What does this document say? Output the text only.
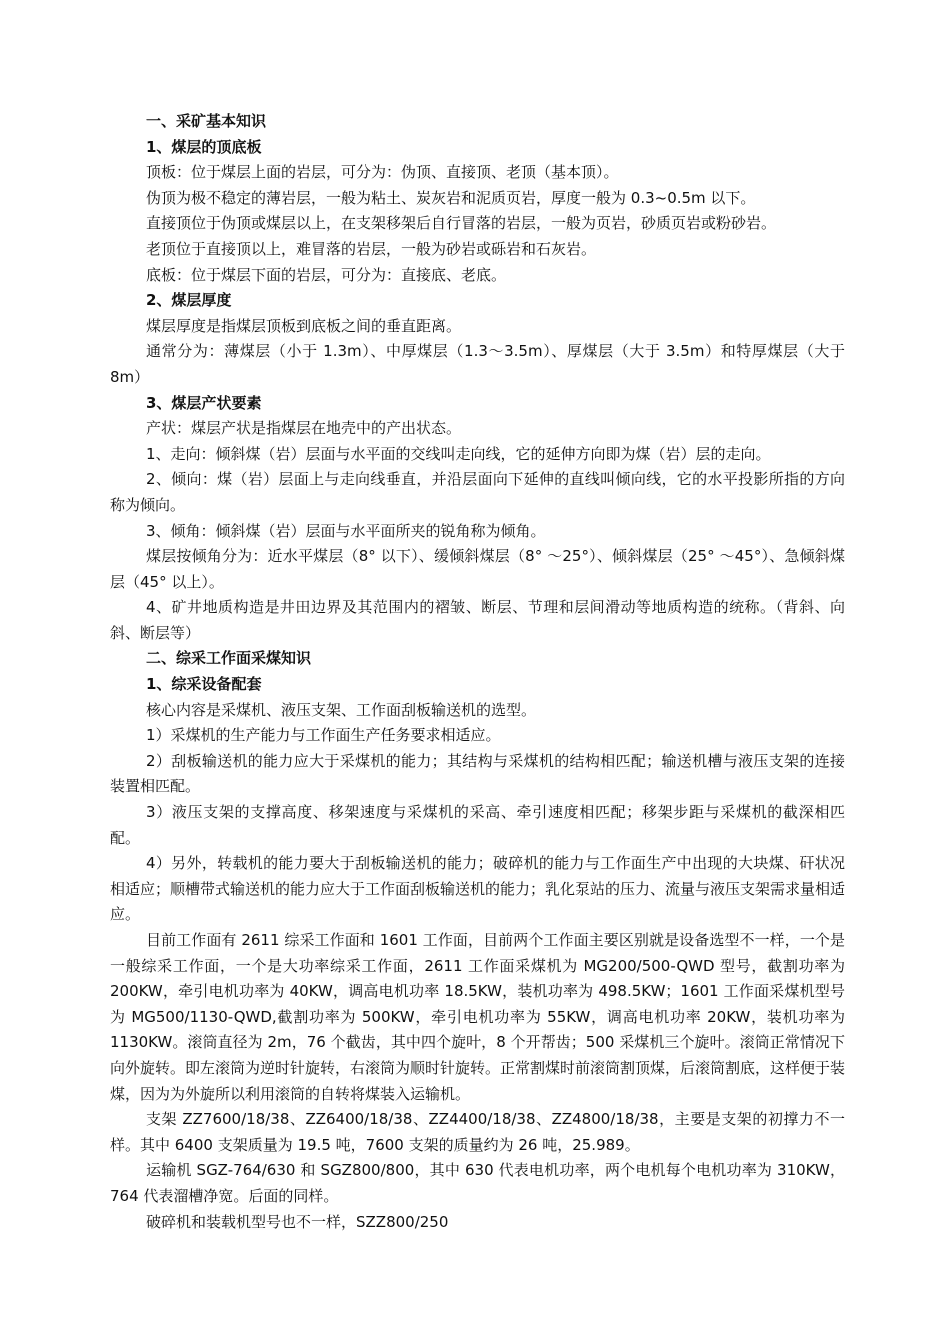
一、采矿基本知识

1、煤层的顶底板

顶板：位于煤层上面的岩层，可分为：伪顶、直接顶、老顶（基本顶）。

伪顶为极不稳定的薄岩层，一般为粘土、炭灰岩和泥质页岩，厚度一般为 0.3~0.5m 以下。

直接顶位于伪顶或煤层以上，在支架移架后自行冒落的岩层，一般为页岩，砂质页岩或粉砂岩。

老顶位于直接顶以上，难冒落的岩层，一般为砂岩或砾岩和石灰岩。

底板：位于煤层下面的岩层，可分为：直接底、老底。

2、煤层厚度

煤层厚度是指煤层顶板到底板之间的垂直距离。

通常分为：薄煤层（小于 1.3m）、中厚煤层（1.3～3.5m）、厚煤层（大于 3.5m）和特厚煤层（大于 8m）

3、煤层产状要素

产状：煤层产状是指煤层在地壳中的产出状态。

1、走向：倾斜煤（岩）层面与水平面的交线叫走向线，它的延伸方向即为煤（岩）层的走向。

2、倾向：煤（岩）层面上与走向线垂直，并沿层面向下延伸的直线叫倾向线，它的水平投影所指的方向称为倾向。

3、倾角：倾斜煤（岩）层面与水平面所夹的锐角称为倾角。

煤层按倾角分为：近水平煤层（8° 以下）、缓倾斜煤层（8° ～25°）、倾斜煤层（25° ～45°）、急倾斜煤层（45° 以上）。

4、矿井地质构造是井田边界及其范围内的褶皱、断层、节理和层间滑动等地质构造的统称。（背斜、向斜、断层等）

二、综采工作面采煤知识

1、综采设备配套

核心内容是采煤机、液压支架、工作面刮板输送机的选型。

1）采煤机的生产能力与工作面生产任务要求相适应。

2）刮板输送机的能力应大于采煤机的能力；其结构与采煤机的结构相匹配；输送机槽与液压支架的连接装置相匹配。

3）液压支架的支撑高度、移架速度与采煤机的采高、牵引速度相匹配；移架步距与采煤机的截深相匹配。

4）另外，转载机的能力要大于刮板输送机的能力；破碎机的能力与工作面生产中出现的大块煤、矸状况相适应；顺槽带式输送机的能力应大于工作面刮板输送机的能力；乳化泵站的压力、流量与液压支架需求量相适应。

目前工作面有 2611 综采工作面和 1601 工作面，目前两个工作面主要区别就是设备选型不一样，一个是一般综采工作面，一个是大功率综采工作面，2611 工作面采煤机为 MG200/500-QWD 型号，截割功率为 200KW，牵引电机功率为 40KW，调高电机功率 18.5KW，装机功率为 498.5KW；1601 工作面采煤机型号为 MG500/1130-QWD,截割功率为 500KW，牵引电机功率为 55KW，调高电机功率 20KW，装机功率为 1130KW。滚筒直径为 2m，76 个截齿，其中四个旋叶，8 个开帮齿；500 采煤机三个旋叶。滚筒正常情况下向外旋转。即左滚筒为逆时针旋转，右滚筒为顺时针旋转。正常割煤时前滚筒割顶煤，后滚筒割底，这样便于装煤，因为为外旋所以利用滚筒的自转将煤装入运输机。

支架 ZZ7600/18/38、ZZ6400/18/38、ZZ4400/18/38、ZZ4800/18/38，主要是支架的初撑力不一样。其中 6400 支架质量为 19.5 吨，7600 支架的质量约为 26 吨，25.989。

运输机 SGZ-764/630 和 SGZ800/800，其中 630 代表电机功率，两个电机每个电机功率为 310KW，764 代表溜槽净宽。后面的同样。

破碎机和装载机型号也不一样，SZZ800/250
